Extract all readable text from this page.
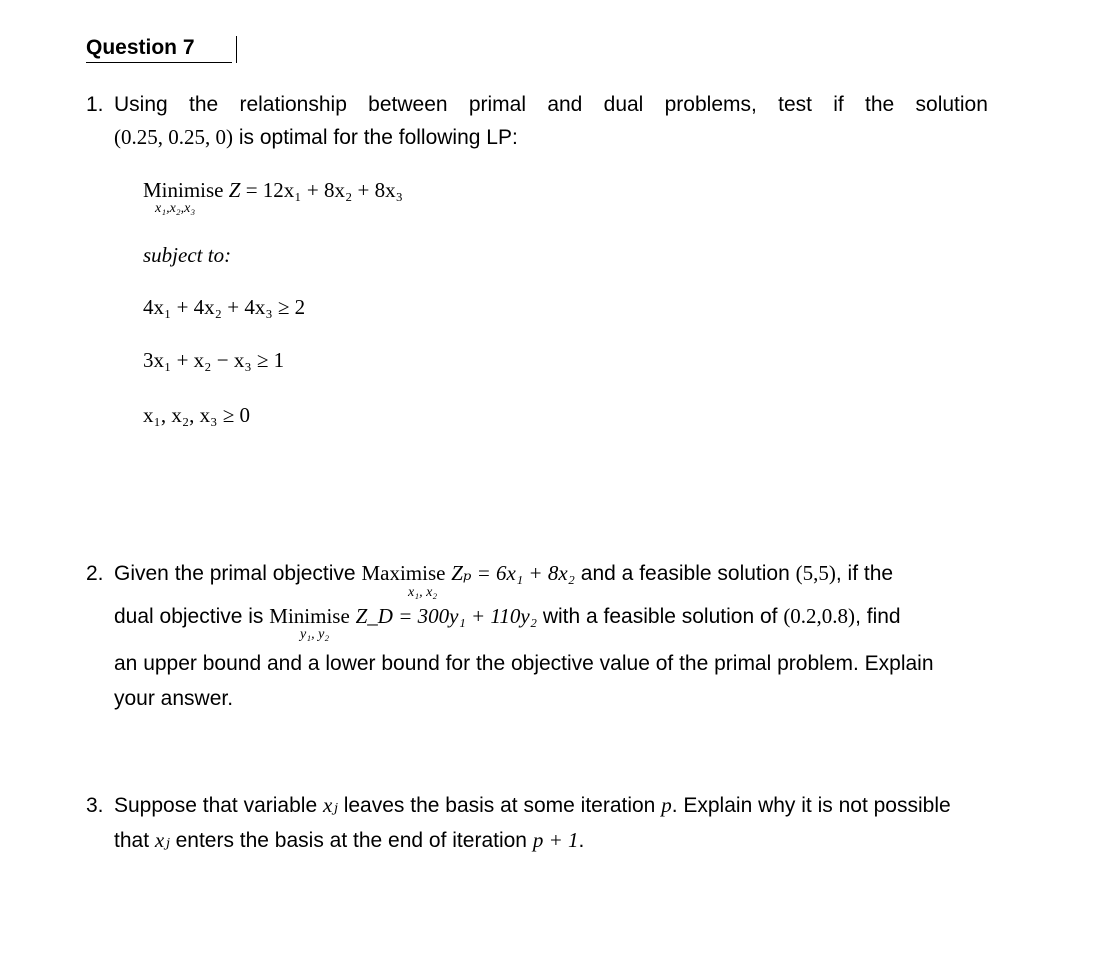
Question 7
1. Using the relationship between primal and dual problems, test if the solution
(0.25, 0.25, 0) is optimal for the following LP:
Minimise Z = 12x₁ + 8x₂ + 8x₃
x₁,x₂,x₃
subject to:
4x₁ + 4x₂ + 4x₃ ≥ 2
3x₁ + x₂ − x₃ ≥ 1
x₁, x₂, x₃ ≥ 0
2. Given the primal objective Maximise Zₚ = 6x₁ + 8x₂ and a feasible solution (5,5), if the
x₁, x₂
dual objective is Minimise Z_D = 300y₁ + 110y₂ with a feasible solution of (0.2,0.8), find
y₁, y₂
an upper bound and a lower bound for the objective value of the primal problem. Explain
your answer.
3. Suppose that variable xⱼ leaves the basis at some iteration p. Explain why it is not possible
that xⱼ enters the basis at the end of iteration p + 1.
